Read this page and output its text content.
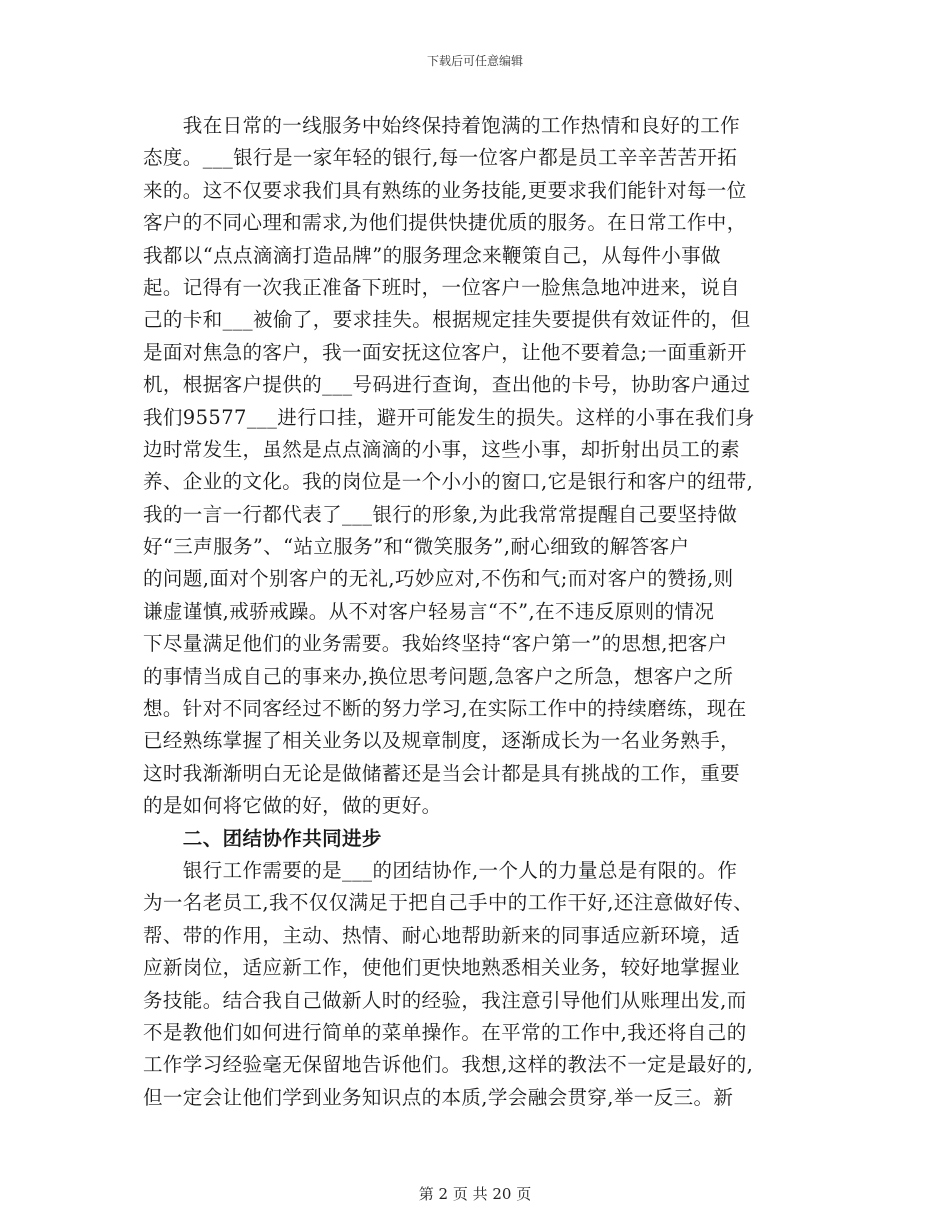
下载后可任意编辑
　　我在日常的一线服务中始终保持着饱满的工作热情和良好的工作
态度。___银行是一家年轻的银行,每一位客户都是员工辛辛苦苦开拓
来的。这不仅要求我们具有熟练的业务技能,更要求我们能针对每一位
客户的不同心理和需求,为他们提供快捷优质的服务。在日常工作中，
我都以“点点滴滴打造品牌”的服务理念来鞭策自己，从每件小事做
起。记得有一次我正准备下班时，一位客户一脸焦急地冲进来，说自
己的卡和___被偷了，要求挂失。根据规定挂失要提供有效证件的，但
是面对焦急的客户，我一面安抚这位客户，让他不要着急;一面重新开
机，根据客户提供的___号码进行查询，查出他的卡号，协助客户通过
我们95577___进行口挂，避开可能发生的损失。这样的小事在我们身
边时常发生，虽然是点点滴滴的小事，这些小事，却折射出员工的素
养、企业的文化。我的岗位是一个小小的窗口,它是银行和客户的纽带,
我的一言一行都代表了___银行的形象,为此我常常提醒自己要坚持做
好“三声服务”、“站立服务”和“微笑服务”,耐心细致的解答客户
的问题,面对个别客户的无礼,巧妙应对,不伤和气;而对客户的赞扬,则
谦虚谨慎,戒骄戒躁。从不对客户轻易言“不”,在不违反原则的情况
下尽量满足他们的业务需要。我始终坚持“客户第一”的思想,把客户
的事情当成自己的事来办,换位思考问题,急客户之所急，想客户之所
想。针对不同客经过不断的努力学习,在实际工作中的持续磨练，现在
已经熟练掌握了相关业务以及规章制度，逐渐成长为一名业务熟手，
这时我渐渐明白无论是做储蓄还是当会计都是具有挑战的工作，重要
的是如何将它做的好，做的更好。
　　二、团结协作共同进步
　　银行工作需要的是___的团结协作,一个人的力量总是有限的。作
为一名老员工,我不仅仅满足于把自己手中的工作干好,还注意做好传、
帮、带的作用，主动、热情、耐心地帮助新来的同事适应新环境，适
应新岗位，适应新工作，使他们更快地熟悉相关业务，较好地掌握业
务技能。结合我自己做新人时的经验，我注意引导他们从账理出发,而
不是教他们如何进行简单的菜单操作。在平常的工作中,我还将自己的
工作学习经验毫无保留地告诉他们。我想,这样的教法不一定是最好的,
但一定会让他们学到业务知识点的本质,学会融会贯穿,举一反三。新
第 2 页 共 20 页
